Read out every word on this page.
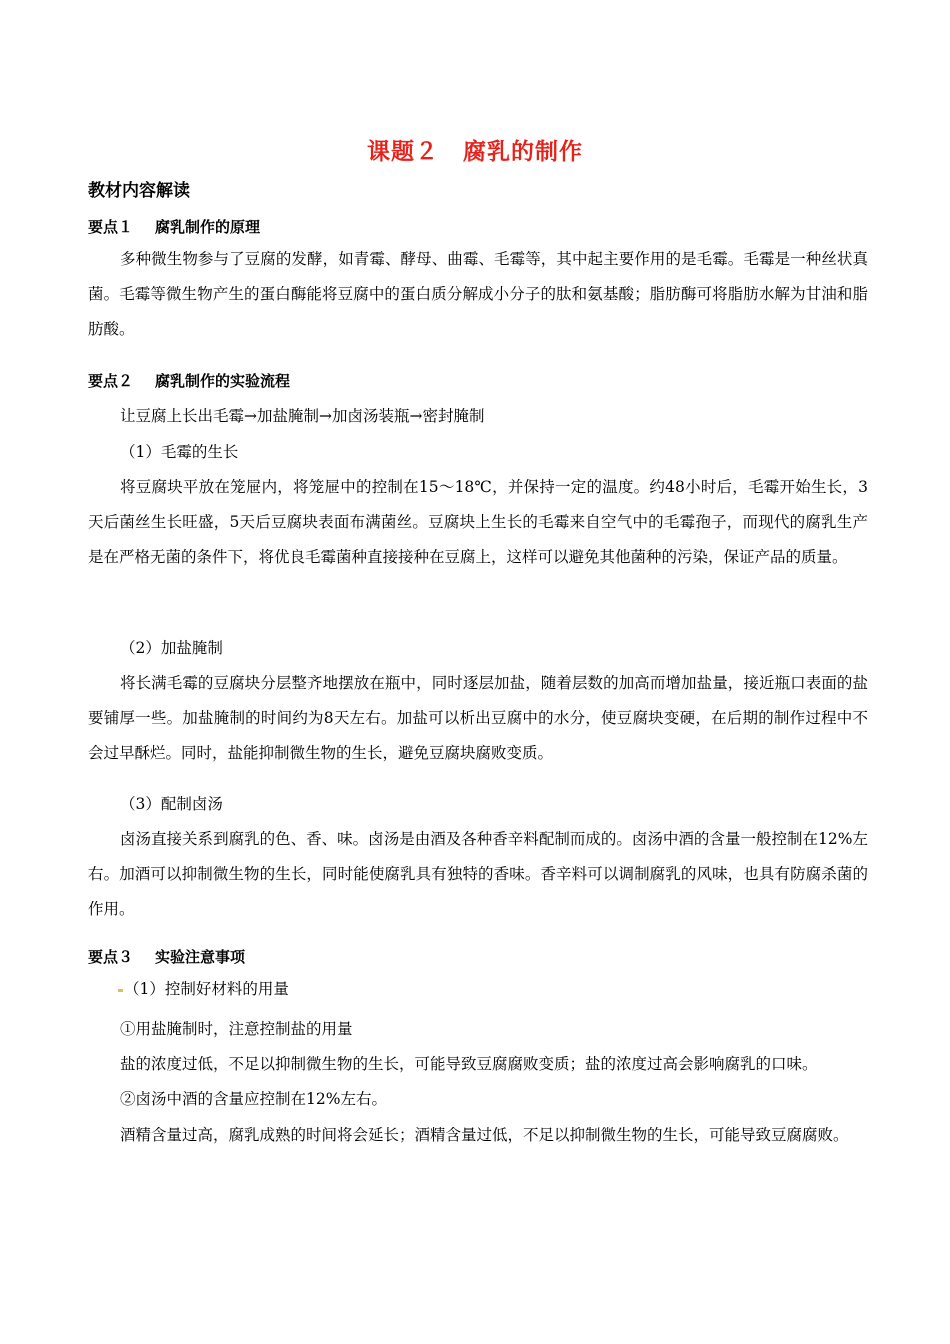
课题２　腐乳的制作
教材内容解读
要点１ 腐乳制作的原理
多种微生物参与了豆腐的发酵，如青霉、酵母、曲霉、毛霉等，其中起主要作用的是毛霉。毛霉是一种丝状真菌。毛霉等微生物产生的蛋白酶能将豆腐中的蛋白质分解成小分子的肽和氨基酸；脂肪酶可将脂肪水解为甘油和脂肪酸。
要点２ 腐乳制作的实验流程
让豆腐上长出毛霉→加盐腌制→加卤汤装瓶→密封腌制
（1）毛霉的生长
将豆腐块平放在笼屉内，将笼屉中的控制在15～18℃，并保持一定的温度。约48小时后，毛霉开始生长，3天后菌丝生长旺盛，5天后豆腐块表面布满菌丝。豆腐块上生长的毛霉来自空气中的毛霉孢子，而现代的腐乳生产是在严格无菌的条件下，将优良毛霉菌种直接接种在豆腐上，这样可以避免其他菌种的污染，保证产品的质量。
（2）加盐腌制
将长满毛霉的豆腐块分层整齐地摆放在瓶中，同时逐层加盐，随着层数的加高而增加盐量，接近瓶口表面的盐要铺厚一些。加盐腌制的时间约为8天左右。加盐可以析出豆腐中的水分，使豆腐块变硬，在后期的制作过程中不会过早酥烂。同时，盐能抑制微生物的生长，避免豆腐块腐败变质。
（3）配制卤汤
卤汤直接关系到腐乳的色、香、味。卤汤是由酒及各种香辛料配制而成的。卤汤中酒的含量一般控制在12%左右。加酒可以抑制微生物的生长，同时能使腐乳具有独特的香味。香辛料可以调制腐乳的风味，也具有防腐杀菌的作用。
要点３ 实验注意事项
（1）控制好材料的用量
①用盐腌制时，注意控制盐的用量
盐的浓度过低，不足以抑制微生物的生长，可能导致豆腐腐败变质；盐的浓度过高会影响腐乳的口味。
②卤汤中酒的含量应控制在12%左右。
酒精含量过高，腐乳成熟的时间将会延长；酒精含量过低，不足以抑制微生物的生长，可能导致豆腐腐败。
